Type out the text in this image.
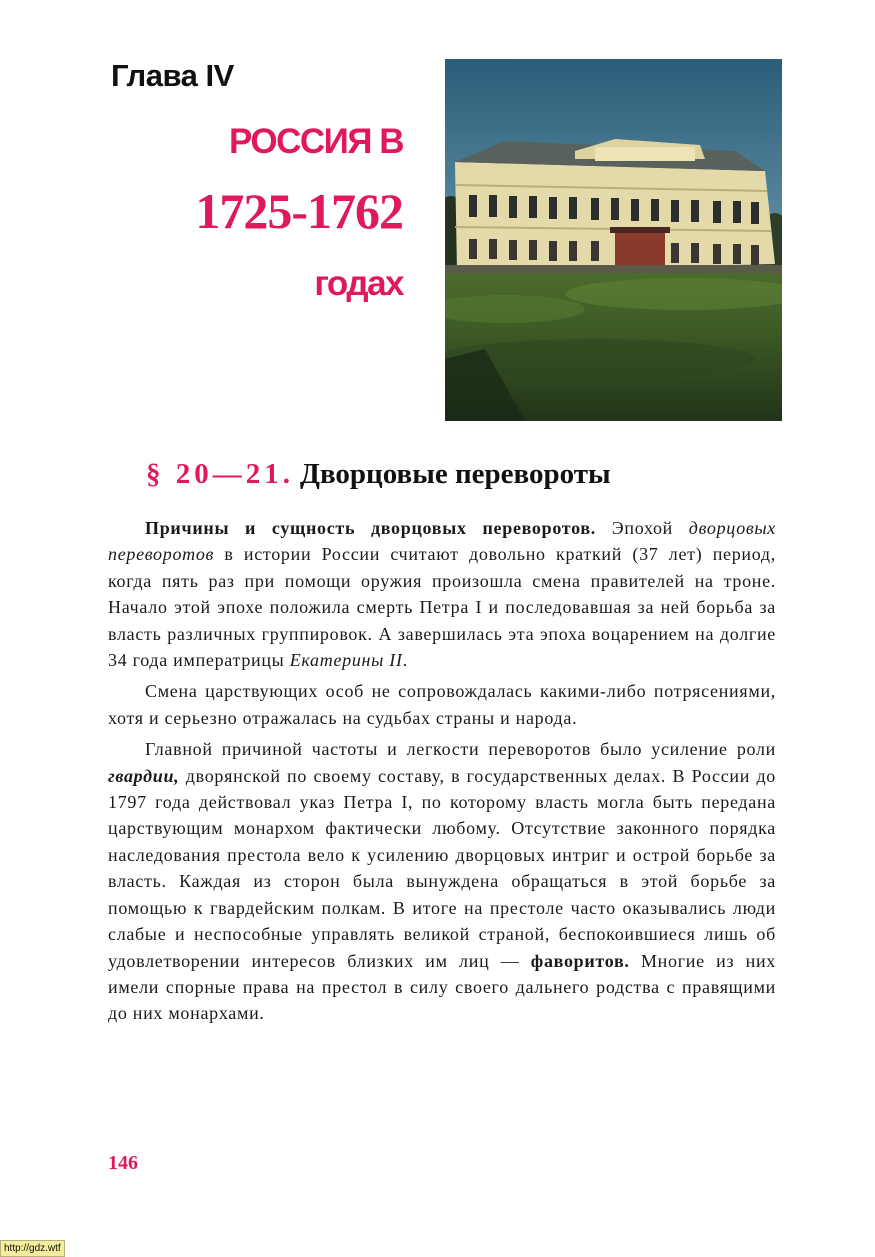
Глава IV
РОССИЯ В
1725-1762
годах
§ 20—21. Дворцовые перевороты

Причины и сущность дворцовых переворотов. Эпохой дворцовых переворотов в истории России считают довольно краткий (37 лет) период, когда пять раз при помощи оружия произошла смена правителей на троне. Начало этой эпохе положила смерть Петра I и последовавшая за ней борьба за власть различных группировок. А завершилась эта эпоха воцарением на долгие 34 года императрицы Екатерины II.

Смена царствующих особ не сопровождалась какими-либо потрясениями, хотя и серьезно отражалась на судьбах страны и народа.

Главной причиной частоты и легкости переворотов было усиление роли гвардии, дворянской по своему составу, в государственных делах. В России до 1797 года действовал указ Петра I, по которому власть могла быть передана царствующим монархом фактически любому. Отсутствие законного порядка наследования престола вело к усилению дворцовых интриг и острой борьбе за власть. Каждая из сторон была вынуждена обращаться в этой борьбе за помощью к гвардейским полкам. В итоге на престоле часто оказывались люди слабые и неспособные управлять великой страной, беспокоившиеся лишь об удовлетворении интересов близких им лиц — фаворитов. Многие из них имели спорные права на престол в силу своего дальнего родства с правящими до них монархами.

146
http://gdz.wtf
